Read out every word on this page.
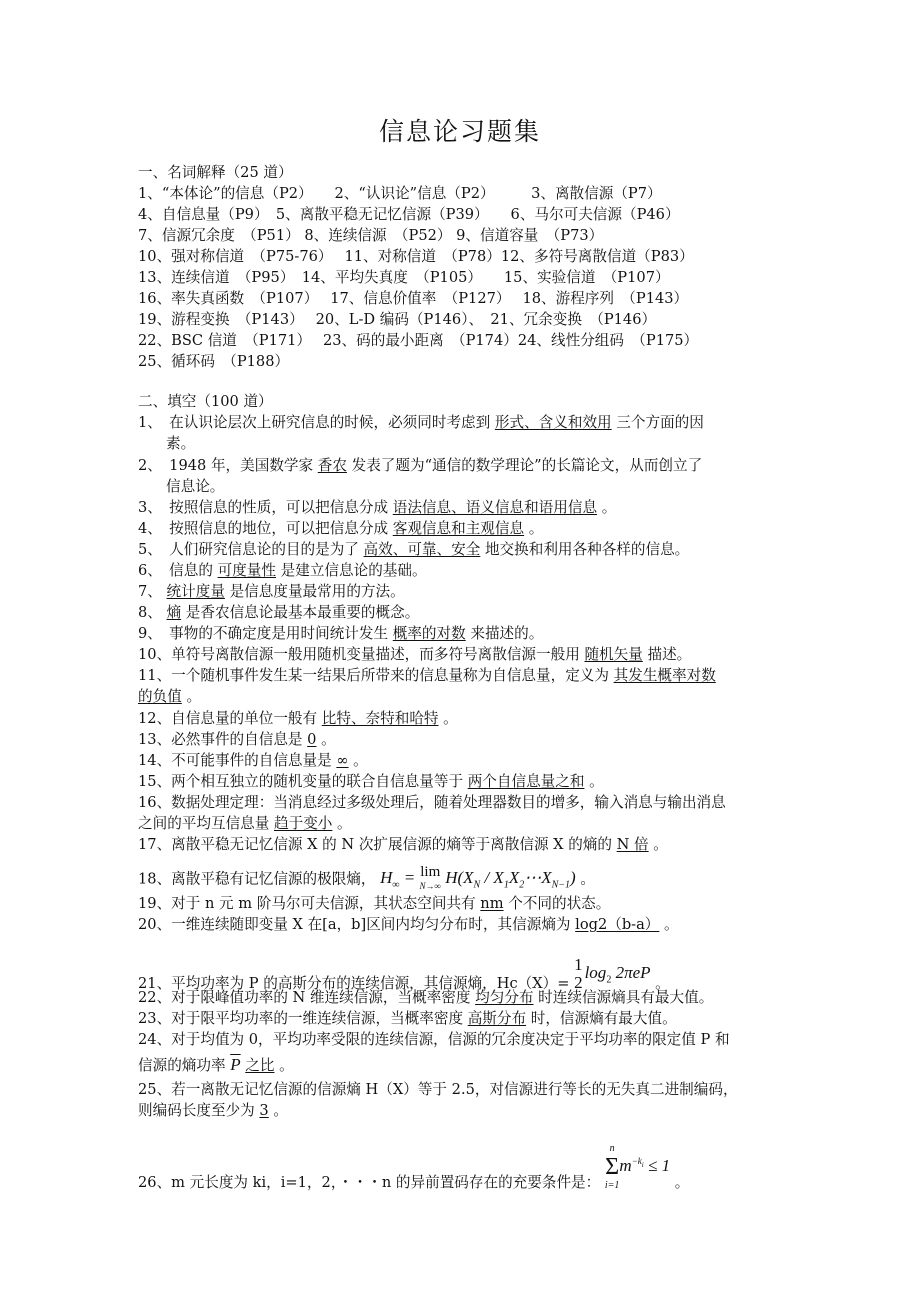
信息论习题集
一、名词解释（25 道）
1、“本体论”的信息（P2）　　2、“认识论”信息（P2）　　　3、离散信源（P7）
4、自信息量（P9）　5、离散平稳无记忆信源（P39）　　6、马尔可夫信源（P46）
7、信源冗余度　（P51） 8、连续信源　（P52） 9、信道容量　（P73）
10、强对称信道　（P75-76）　 11、对称信道　（P78）12、多符号离散信道（P83）
13、连续信道　（P95）　14、平均失真度　（P105）　　15、实验信道　（P107）
16、率失真函数　（P107）　 17、信息价值率　（P127）　 18、游程序列　（P143）
19、游程变换　（P143）　 20、L-D 编码（P146）、　21、冗余变换　（P146）
22、BSC 信道　（P171）　 23、码的最小距离　（P174）24、线性分组码　（P175）
25、循环码　（P188）
二、填空（100 道）
1、　在认识论层次上研究信息的时候，必须同时考虑到 形式、含义和效用 三个方面的因
素。
2、　1948 年，美国数学家 香农 发表了题为“通信的数学理论”的长篇论文，从而创立了
信息论。
3、　按照信息的性质，可以把信息分成 语法信息、语义信息和语用信息 。
4、　按照信息的地位，可以把信息分成 客观信息和主观信息 。
5、　人们研究信息论的目的是为了 高效、可靠、安全 地交换和利用各种各样的信息。
6、　信息的 可度量性 是建立信息论的基础。
7、 统计度量 是信息度量最常用的方法。
8、 熵 是香农信息论最基本最重要的概念。
9、　事物的不确定度是用时间统计发生 概率的对数 来描述的。
10、单符号离散信源一般用随机变量描述，而多符号离散信源一般用 随机矢量 描述。
11、一个随机事件发生某一结果后所带来的信息量称为自信息量，定义为 其发生概率对数
的负值 。
12、自信息量的单位一般有 比特、奈特和哈特 。
13、必然事件的自信息是 0 。
14、不可能事件的自信息量是 ∞ 。
15、两个相互独立的随机变量的联合自信息量等于 两个自信息量之和 。
16、数据处理定理：当消息经过多级处理后，随着处理器数目的增多，输入消息与输出消息
之间的平均互信息量 趋于变小 。
17、离散平稳无记忆信源 X 的 N 次扩展信源的熵等于离散信源 X 的熵的 N 倍 。
18、离散平稳有记忆信源的极限熵， $H_\infty = \lim$
N→∞ $H(X_N$ / $X_1X_2\cdots X_{N-1}$) 。
19、对于 n 元 m 阶马尔可夫信源，其状态空间共有 nm 个不同的状态。
20、一维连续随即变量 X 在[a，b]区间内均匀分布时，其信源熵为 log2（b-a） 。
21、平均功率为 P 的高斯分布的连续信源，其信源熵，Hc（X）= 1
$2\log_2$ 2πeP 。
22、对于限峰值功率的 N 维连续信源，当概率密度 均匀分布 时连续信源熵具有最大值。
23、对于限平均功率的一维连续信源，当概率密度 高斯分布 时，信源熵有最大值。
24、对于均值为 0，平均功率受限的连续信源，信源的冗余度决定于平均功率的限定值 P 和
信源的熵功率 $\overline{P}$ 之比 。
25、若一离散无记忆信源的信源熵 H（X）等于 2.5，对信源进行等长的无失真二进制编码，
则编码长度至少为 3 。
26、m 元长度为 ki，i=1，2，・・・n 的异前置码存在的充要条件是： n
Σ
$i=1m^{-k_i} \le 1$ 。
